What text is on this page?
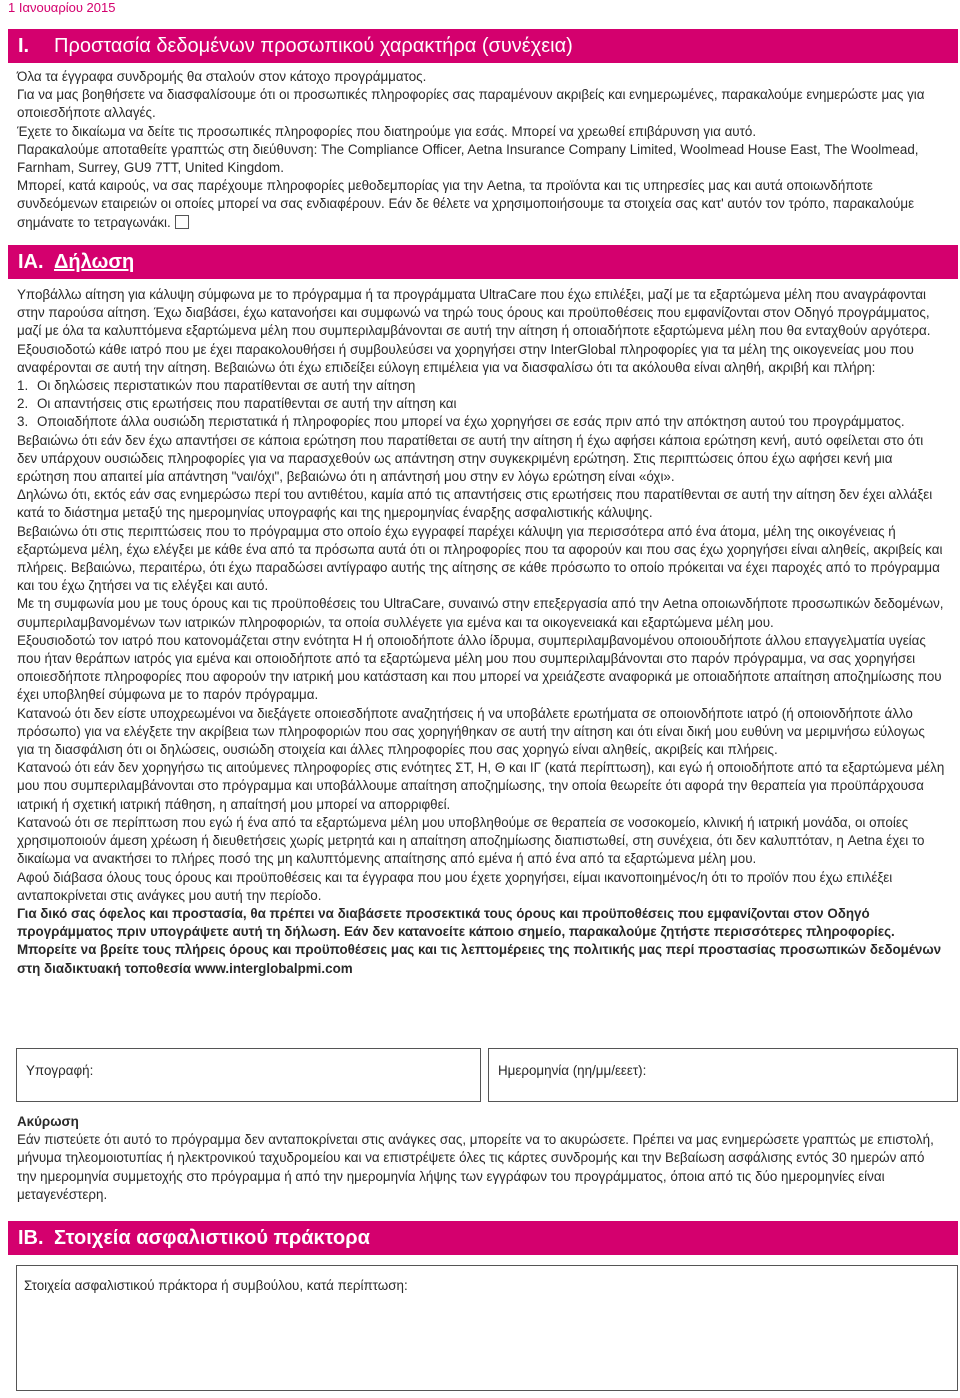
1 Ιανουαρίου 2015
I. Προστασία δεδομένων προσωπικού χαρακτήρα (συνέχεια)

Όλα τα έγγραφα συνδρομής θα σταλούν στον κάτοχο προγράμματος.

Για να μας βοηθήσετε να διασφαλίσουμε ότι οι προσωπικές πληροφορίες σας παραμένουν ακριβείς και ενημερωμένες, παρακαλούμε ενημερώστε μας για οποιεσδήποτε αλλαγές.

Έχετε το δικαίωμα να δείτε τις προσωπικές πληροφορίες που διατηρούμε για εσάς. Μπορεί να χρεωθεί επιβάρυνση για αυτό.

Παρακαλούμε αποταθείτε γραπτώς στη διεύθυνση: The Compliance Officer, Aetna Insurance Company Limited, Woolmead House East, The Woolmead, Farnham, Surrey, GU9 7TT, United Kingdom.

Μπορεί, κατά καιρούς, να σας παρέχουμε πληροφορίες μεθοδεμπορίας για την Aetna, τα προϊόντα και τις υπηρεσίες μας και αυτά οποιωνδήποτε συνδεόμενων εταιρειών οι οποίες μπορεί να σας ενδιαφέρουν. Εάν δε θέλετε να χρησιμοποιήσουμε τα στοιχεία σας κατ' αυτόν τον τρόπο, παρακαλούμε σημάνατε το τετραγωνάκι.

IA. Δήλωση

Υποβάλλω αίτηση για κάλυψη σύμφωνα με το πρόγραμμα ή τα προγράμματα UltraCare που έχω επιλέξει, μαζί με τα εξαρτώμενα μέλη που αναγράφονται στην παρούσα αίτηση. Έχω διαβάσει, έχω κατανοήσει και συμφωνώ να τηρώ τους όρους και προϋποθέσεις που εμφανίζονται στον Οδηγό προγράμματος, μαζί με όλα τα καλυπτόμενα εξαρτώμενα μέλη που συμπεριλαμβάνονται σε αυτή την αίτηση ή οποιαδήποτε εξαρτώμενα μέλη που θα ενταχθούν αργότερα. Εξουσιοδοτώ κάθε ιατρό που με έχει παρακολουθήσει ή συμβουλεύσει να χορηγήσει στην InterGlobal πληροφορίες για τα μέλη της οικογενείας μου που αναφέρονται σε αυτή την αίτηση. Βεβαιώνω ότι έχω επιδείξει εύλογη επιμέλεια για να διασφαλίσω ότι τα ακόλουθα είναι αληθή, ακριβή και πλήρη:

1. Οι δηλώσεις περιστατικών που παρατίθενται σε αυτή την αίτηση
2. Οι απαντήσεις στις ερωτήσεις που παρατίθενται σε αυτή την αίτηση και
3. Οποιαδήποτε άλλα ουσιώδη περιστατικά ή πληροφορίες που μπορεί να έχω χορηγήσει σε εσάς πριν από την απόκτηση αυτού του προγράμματος.

Βεβαιώνω ότι εάν δεν έχω απαντήσει σε κάποια ερώτηση που παρατίθεται σε αυτή την αίτηση ή έχω αφήσει κάποια ερώτηση κενή, αυτό οφείλεται στο ότι δεν υπάρχουν ουσιώδεις πληροφορίες για να παρασχεθούν ως απάντηση στην συγκεκριμένη ερώτηση. Στις περιπτώσεις όπου έχω αφήσει κενή μια ερώτηση που απαιτεί μία απάντηση "ναι/όχι", βεβαιώνω ότι η απάντησή μου στην εν λόγω ερώτηση είναι «όχι».

Δηλώνω ότι, εκτός εάν σας ενημερώσω περί του αντιθέτου, καμία από τις απαντήσεις στις ερωτήσεις που παρατίθενται σε αυτή την αίτηση δεν έχει αλλάξει κατά το διάστημα μεταξύ της ημερομηνίας υπογραφής και της ημερομηνίας έναρξης ασφαλιστικής κάλυψης.

Βεβαιώνω ότι στις περιπτώσεις που το πρόγραμμα στο οποίο έχω εγγραφεί παρέχει κάλυψη για περισσότερα από ένα άτομα, μέλη της οικογένειας ή εξαρτώμενα μέλη, έχω ελέγξει με κάθε ένα από τα πρόσωπα αυτά ότι οι πληροφορίες που τα αφορούν και που σας έχω χορηγήσει είναι αληθείς, ακριβείς και πλήρεις. Βεβαιώνω, περαιτέρω, ότι έχω παραδώσει αντίγραφο αυτής της αίτησης σε κάθε πρόσωπο το οποίο πρόκειται να έχει παροχές από το πρόγραμμα και του έχω ζητήσει να τις ελέγξει και αυτό.

Με τη συμφωνία μου με τους όρους και τις προϋποθέσεις του UltraCare, συναινώ στην επεξεργασία από την Aetna οποιωνδήποτε προσωπικών δεδομένων, συμπεριλαμβανομένων των ιατρικών πληροφοριών, τα οποία συλλέγετε για εμένα και τα οικογενειακά και εξαρτώμενα μέλη μου.

Εξουσιοδοτώ τον ιατρό που κατονομάζεται στην ενότητα Η ή οποιοδήποτε άλλο ίδρυμα, συμπεριλαμβανομένου οποιουδήποτε άλλου επαγγελματία υγείας που ήταν θεράπων ιατρός για εμένα και οποιοδήποτε από τα εξαρτώμενα μέλη μου που συμπεριλαμβάνονται στο παρόν πρόγραμμα, να σας χορηγήσει οποιεσδήποτε πληροφορίες που αφορούν την ιατρική μου κατάσταση και που μπορεί να χρειάζεστε αναφορικά με οποιαδήποτε απαίτηση αποζημίωσης που έχει υποβληθεί σύμφωνα με το παρόν πρόγραμμα.

Κατανοώ ότι δεν είστε υποχρεωμένοι να διεξάγετε οποιεσδήποτε αναζητήσεις ή να υποβάλετε ερωτήματα σε οποιονδήποτε ιατρό (ή οποιονδήποτε άλλο πρόσωπο) για να ελέγξετε την ακρίβεια των πληροφοριών που σας χορηγήθηκαν σε αυτή την αίτηση και ότι είναι δική μου ευθύνη να μεριμνήσω εύλογως για τη διασφάλιση ότι οι δηλώσεις, ουσιώδη στοιχεία και άλλες πληροφορίες που σας χορηγώ είναι αληθείς, ακριβείς και πλήρεις.

Κατανοώ ότι εάν δεν χορηγήσω τις αιτούμενες πληροφορίες στις ενότητες ΣΤ, Η, Θ και ΙΓ (κατά περίπτωση), και εγώ ή οποιοδήποτε από τα εξαρτώμενα μέλη μου που συμπεριλαμβάνονται στο πρόγραμμα και υποβάλλουμε απαίτηση αποζημίωσης, την οποία θεωρείτε ότι αφορά την θεραπεία για προϋπάρχουσα ιατρική ή σχετική ιατρική πάθηση, η απαίτησή μου μπορεί να απορριφθεί.

Κατανοώ ότι σε περίπτωση που εγώ ή ένα από τα εξαρτώμενα μέλη μου υποβληθούμε σε θεραπεία σε νοσοκομείο, κλινική ή ιατρική μονάδα, οι οποίες χρησιμοποιούν άμεση χρέωση ή διευθετήσεις χωρίς μετρητά και η απαίτηση αποζημίωσης διαπιστωθεί, στη συνέχεια, ότι δεν καλυπτόταν, η Aetna έχει το δικαίωμα να ανακτήσει το πλήρες ποσό της μη καλυπτόμενης απαίτησης από εμένα ή από ένα από τα εξαρτώμενα μέλη μου.

Αφού διάβασα όλους τους όρους και προϋποθέσεις και τα έγγραφα που μου έχετε χορηγήσει, είμαι ικανοποιημένος/η ότι το προϊόν που έχω επιλέξει ανταποκρίνεται στις ανάγκες μου αυτή την περίοδο.

Για δικό σας όφελος και προστασία, θα πρέπει να διαβάσετε προσεκτικά τους όρους και προϋποθέσεις που εμφανίζονται στον Οδηγό προγράμματος πριν υπογράψετε αυτή τη δήλωση. Εάν δεν κατανοείτε κάποιο σημείο, παρακαλούμε ζητήστε περισσότερες πληροφορίες.

Μπορείτε να βρείτε τους πλήρεις όρους και προϋποθέσεις μας και τις λεπτομέρειες της πολιτικής μας περί προστασίας προσωπικών δεδομένων στη διαδικτυακή τοποθεσία www.interglobalpmi.com

Υπογραφή:	Ημερομηνία (ηη/μμ/εεετ):

Ακύρωση

Εάν πιστεύετε ότι αυτό το πρόγραμμα δεν ανταποκρίνεται στις ανάγκες σας, μπορείτε να το ακυρώσετε. Πρέπει να μας ενημερώσετε γραπτώς με επιστολή, μήνυμα τηλεομοιοτυπίας ή ηλεκτρονικού ταχυδρομείου και να επιστρέψετε όλες τις κάρτες συνδρομής και την Βεβαίωση ασφάλισης εντός 30 ημερών από την ημερομηνία συμμετοχής στο πρόγραμμα ή από την ημερομηνία λήψης των εγγράφων του προγράμματος, όποια από τις δύο ημερομηνίες είναι μεταγενέστερη.

IB. Στοιχεία ασφαλιστικού πράκτορα
Στοιχεία ασφαλιστικού πράκτορα ή συμβούλου, κατά περίπτωση:
